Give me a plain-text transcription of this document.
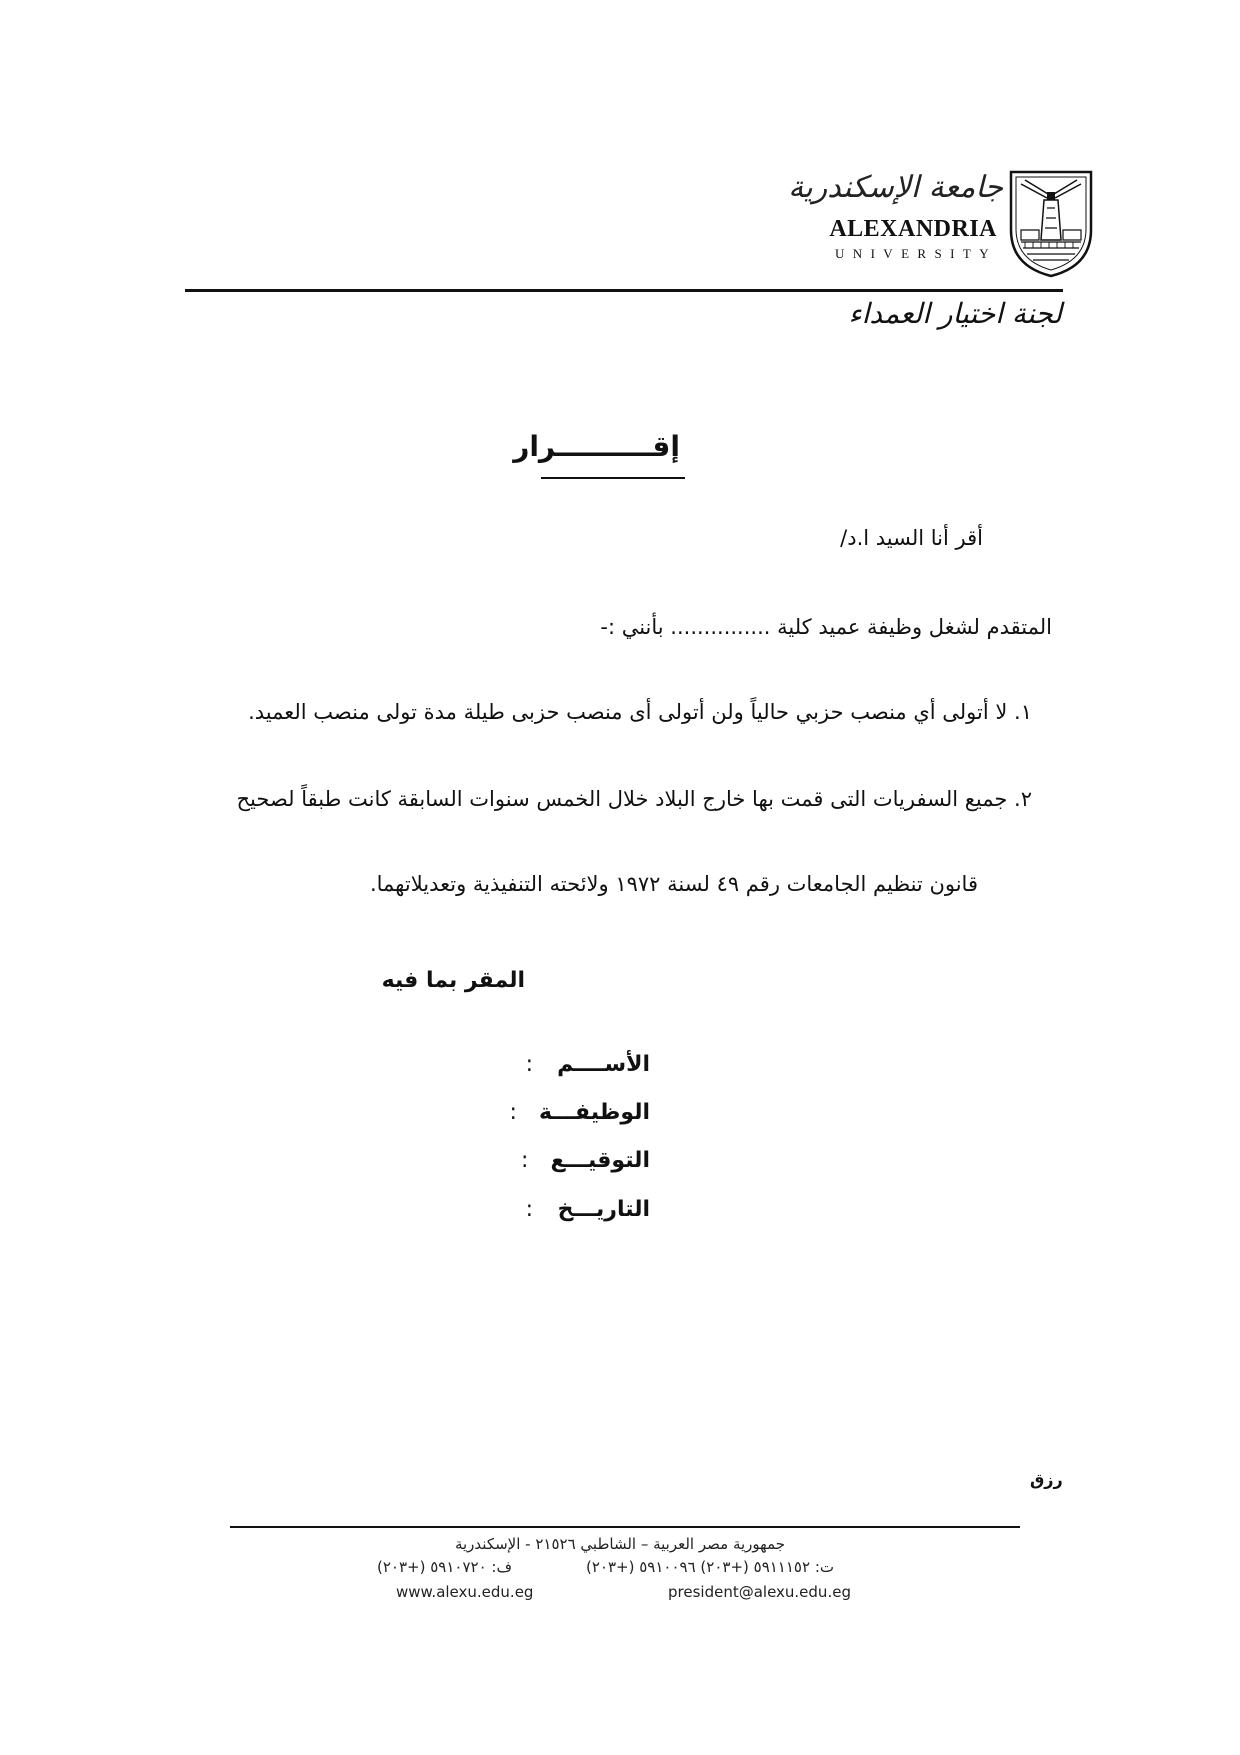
جامعة الإسكندرية
ALEXANDRIA
UNIVERSITY
لجنة اختيار العمداء
إقــــــــــرار
أقر أنا السيد ا.د/
المتقدم لشغل وظيفة عميد كلية ............... بأنني :-
١. لا أتولى أي منصب حزبي حالياً ولن أتولى أى منصب حزبى طيلة مدة تولى منصب العميد.
٢. جميع السفريات التى قمت بها خارج البلاد خلال الخمس سنوات السابقة كانت طبقاً لصحيح
قانون تنظيم الجامعات رقم ٤٩ لسنة ١٩٧٢ ولائحته التنفيذية وتعديلاتهما.
المقر بما فيه
الأســــم
:
الوظيفـــة
:
التوقيـــع
:
التاريـــخ
:
رزق
جمهورية مصر العربية – الشاطبي ٢١٥٢٦ - الإسكندرية
ت: ٥٩١١١٥٢ (+٢٠٣) ٥٩١٠٠٩٦ (+٢٠٣)
ف: ٥٩١٠٧٢٠ (+٢٠٣)
www.alexu.edu.eg	president@alexu.edu.eg
